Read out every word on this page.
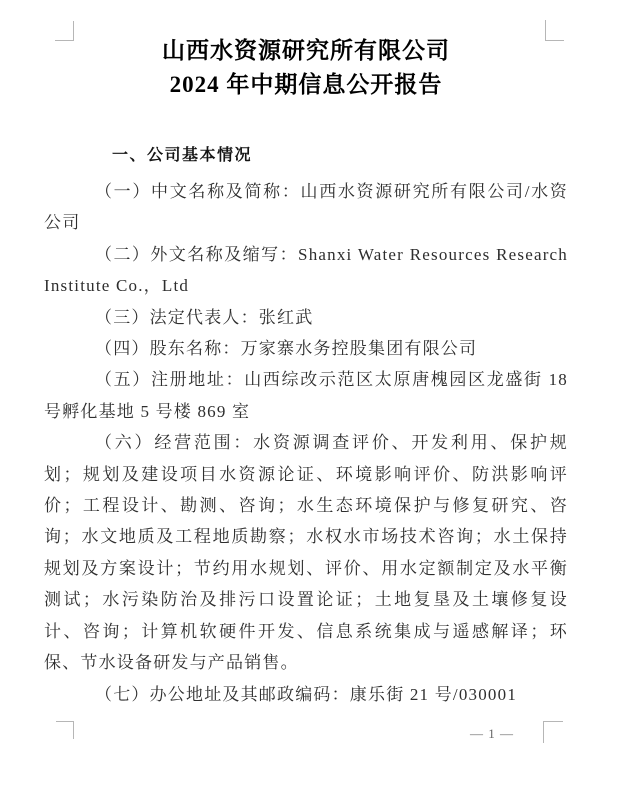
山西水资源研究所有限公司
2024 年中期信息公开报告
一、公司基本情况

（一）中文名称及简称：山西水资源研究所有限公司/水资公司

（二）外文名称及缩写：Shanxi Water Resources Research Institute Co.，Ltd

（三）法定代表人：张红武

（四）股东名称：万家寨水务控股集团有限公司

（五）注册地址：山西综改示范区太原唐槐园区龙盛街 18 号孵化基地 5 号楼 869 室

（六）经营范围：水资源调查评价、开发利用、保护规划；规划及建设项目水资源论证、环境影响评价、防洪影响评价；工程设计、勘测、咨询；水生态环境保护与修复研究、咨询；水文地质及工程地质勘察；水权水市场技术咨询；水土保持规划及方案设计；节约用水规划、评价、用水定额制定及水平衡测试；水污染防治及排污口设置论证；土地复垦及土壤修复设计、咨询；计算机软硬件开发、信息系统集成与遥感解译；环保、节水设备研发与产品销售。

（七）办公地址及其邮政编码：康乐街 21 号/030001

— 1 —
